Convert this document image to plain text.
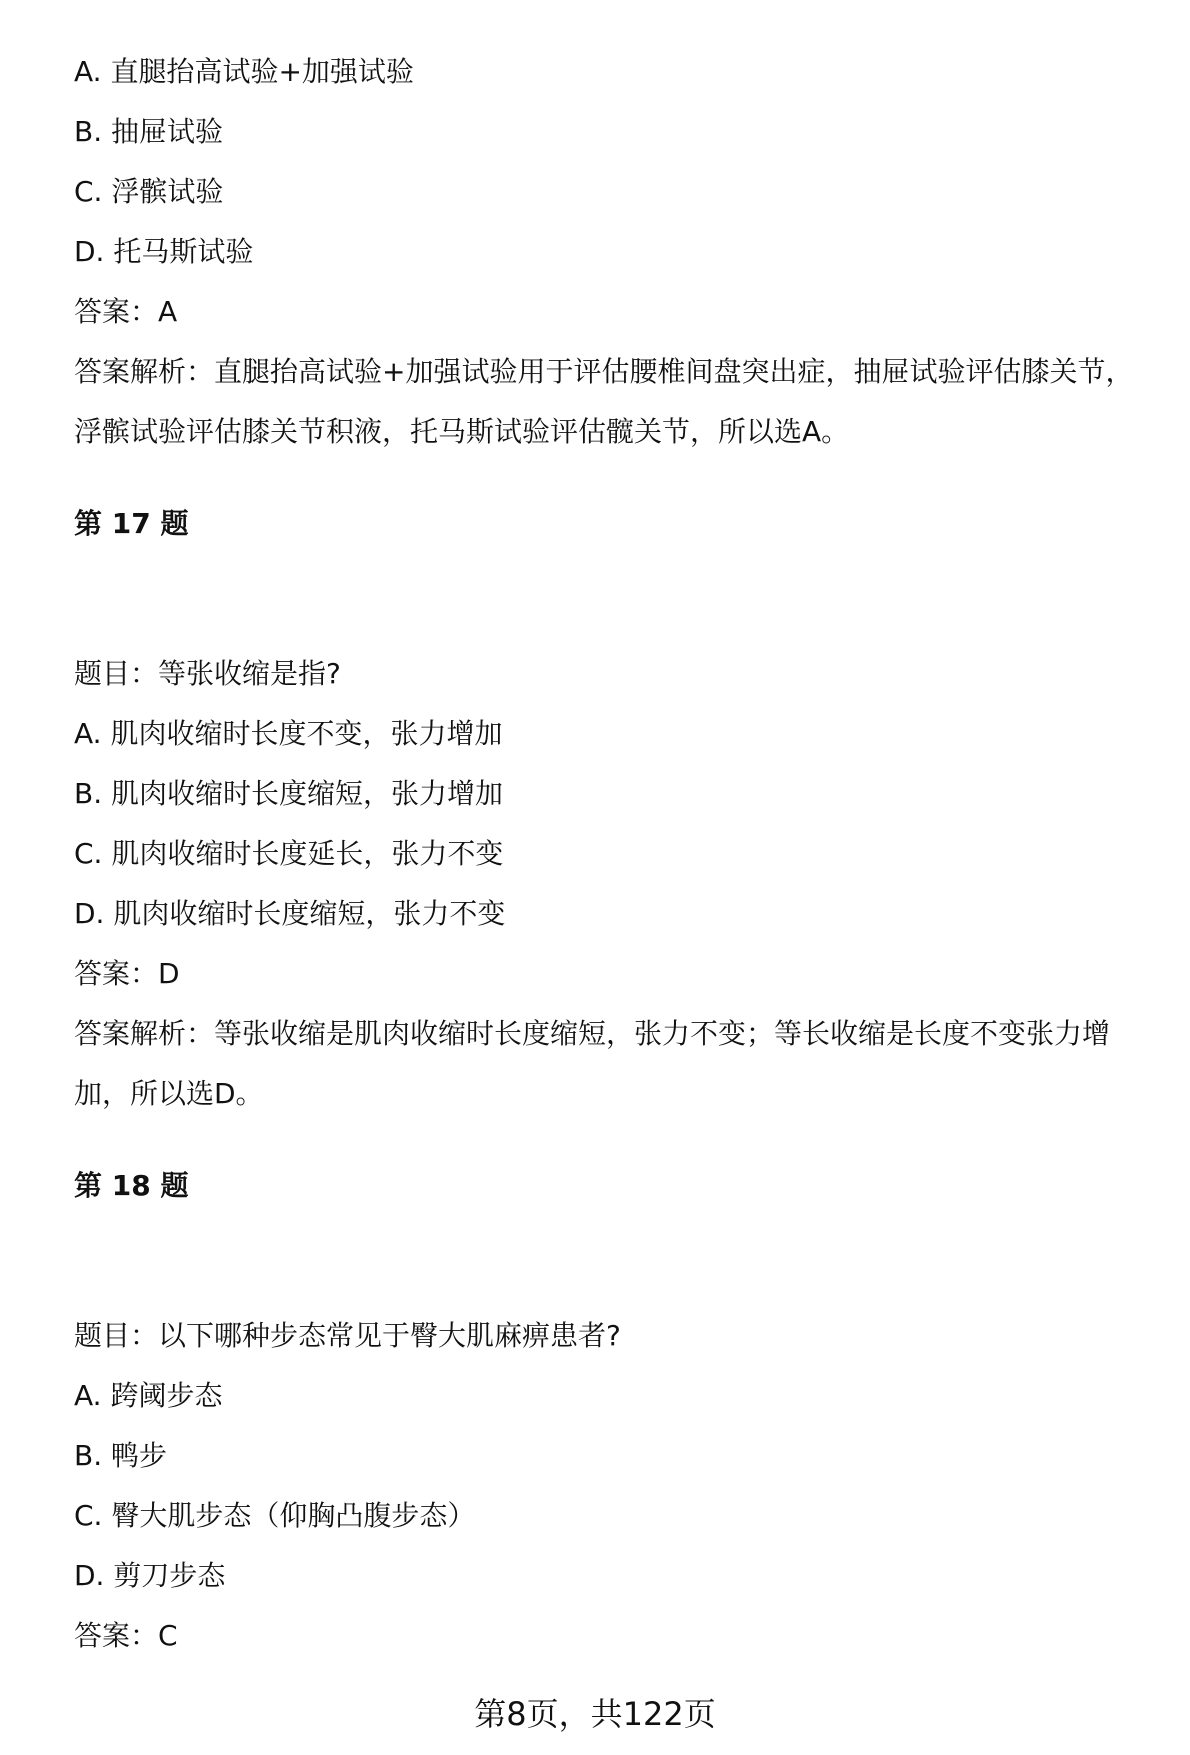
A. 直腿抬高试验+加强试验
B. 抽屉试验
C. 浮髌试验
D. 托马斯试验
答案：A
答案解析：直腿抬高试验+加强试验用于评估腰椎间盘突出症，抽屉试验评估膝关节，浮髌试验评估膝关节积液，托马斯试验评估髋关节，所以选A。
第 17 题
题目：等张收缩是指?
A. 肌肉收缩时长度不变，张力增加
B. 肌肉收缩时长度缩短，张力增加
C. 肌肉收缩时长度延长，张力不变
D. 肌肉收缩时长度缩短，张力不变
答案：D
答案解析：等张收缩是肌肉收缩时长度缩短，张力不变；等长收缩是长度不变张力增加，所以选D。
第 18 题
题目：以下哪种步态常见于臀大肌麻痹患者?
A. 跨阈步态
B. 鸭步
C. 臀大肌步态（仰胸凸腹步态）
D. 剪刀步态
答案：C
第8页，共122页
